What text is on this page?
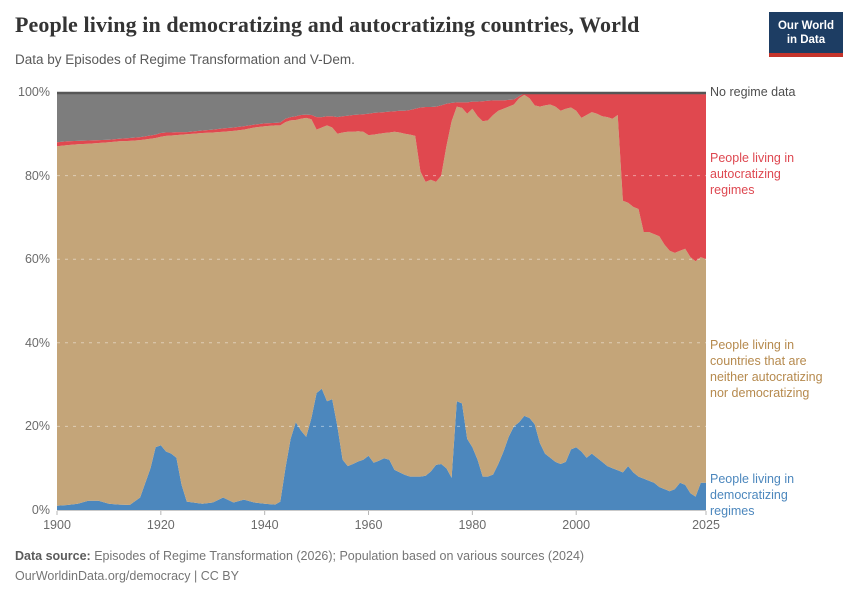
People living in democratizing and autocratizing countries, World
Data by Episodes of Regime Transformation and V-Dem.
Our World
in Data
No regime data
People living in autocratizing regimes
People living in countries that are neither autocratizing nor democratizing
People living in democratizing regimes
Data source: Episodes of Regime Transformation (2026); Population based on various sources (2024)
OurWorldinData.org/democracy | CC BY
0%
20%
40%
60%
80%
100%
1900	1920	1940	1960	1980	2000	2025
